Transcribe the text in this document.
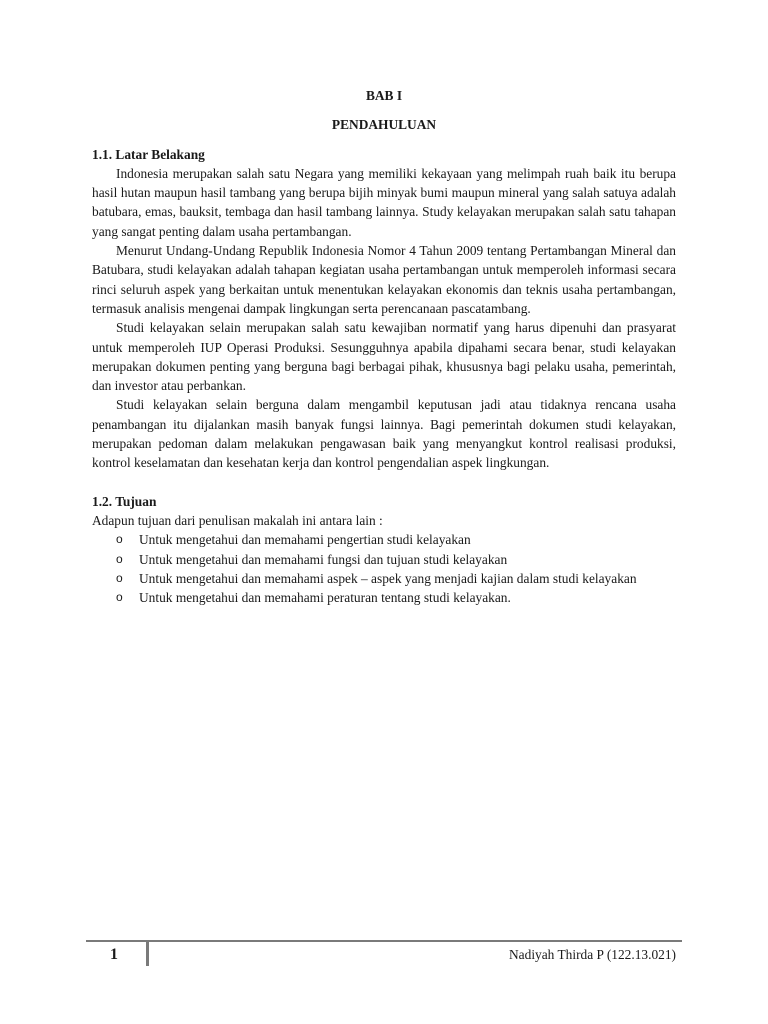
BAB I
PENDAHULUAN
1.1. Latar Belakang

Indonesia merupakan salah satu Negara yang memiliki kekayaan yang melimpah ruah baik itu berupa hasil hutan maupun hasil tambang yang berupa bijih minyak bumi maupun mineral yang salah satuya adalah batubara, emas, bauksit, tembaga dan hasil tambang lainnya. Study kelayakan merupakan salah satu tahapan yang sangat penting dalam usaha pertambangan.

Menurut Undang-Undang Republik Indonesia Nomor 4 Tahun 2009 tentang Pertambangan Mineral dan Batubara, studi kelayakan adalah tahapan kegiatan usaha pertambangan untuk memperoleh informasi secara rinci seluruh aspek yang berkaitan untuk menentukan kelayakan ekonomis dan teknis usaha pertambangan, termasuk analisis mengenai dampak lingkungan serta perencanaan pascatambang.

Studi kelayakan selain merupakan salah satu kewajiban normatif yang harus dipenuhi dan prasyarat untuk memperoleh IUP Operasi Produksi. Sesungguhnya apabila dipahami secara benar, studi kelayakan merupakan dokumen penting yang berguna bagi berbagai pihak, khususnya bagi pelaku usaha, pemerintah, dan investor atau perbankan.

Studi kelayakan selain berguna dalam mengambil keputusan jadi atau tidaknya rencana usaha penambangan itu dijalankan masih banyak fungsi lainnya. Bagi pemerintah dokumen studi kelayakan, merupakan pedoman dalam melakukan pengawasan baik yang menyangkut kontrol realisasi produksi, kontrol keselamatan dan kesehatan kerja dan kontrol pengendalian aspek lingkungan.

1.2. Tujuan

Adapun tujuan dari penulisan makalah ini antara lain :

o Untuk mengetahui dan memahami pengertian studi kelayakan
o Untuk mengetahui dan memahami fungsi dan tujuan studi kelayakan
o Untuk mengetahui dan memahami aspek – aspek yang menjadi kajian dalam studi kelayakan
o Untuk mengetahui dan memahami peraturan tentang studi kelayakan.
1	Nadiyah Thirda P (122.13.021)
